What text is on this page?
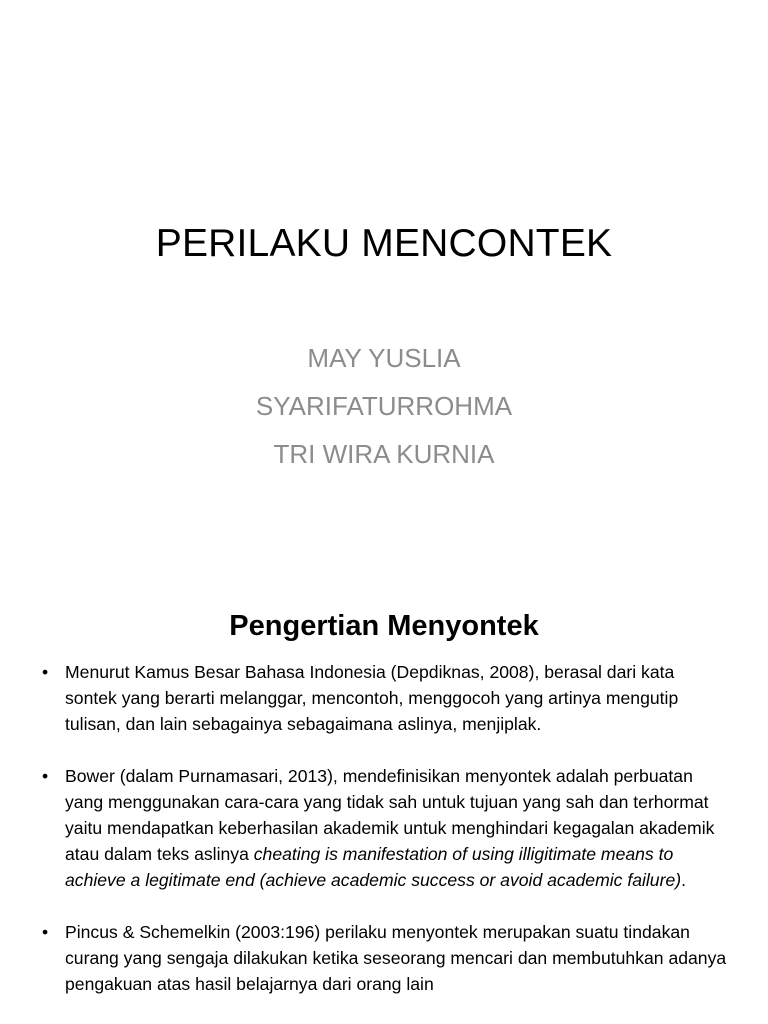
PERILAKU MENCONTEK
MAY YUSLIA
SYARIFATURROHMA
TRI WIRA KURNIA
Pengertian Menyontek
• Menurut Kamus Besar Bahasa Indonesia (Depdiknas, 2008), berasal dari kata sontek yang berarti melanggar, mencontoh, menggocoh yang artinya mengutip tulisan, dan lain sebagainya sebagaimana aslinya, menjiplak.
• Bower (dalam Purnamasari, 2013), mendefinisikan menyontek adalah perbuatan yang menggunakan cara-cara yang tidak sah untuk tujuan yang sah dan terhormat yaitu mendapatkan keberhasilan akademik untuk menghindari kegagalan akademik atau dalam teks aslinya cheating is manifestation of using illigitimate means to achieve a legitimate end (achieve academic success or avoid academic failure).
• Pincus & Schemelkin (2003:196) perilaku menyontek merupakan suatu tindakan curang yang sengaja dilakukan ketika seseorang mencari dan membutuhkan adanya pengakuan atas hasil belajarnya dari orang lain
